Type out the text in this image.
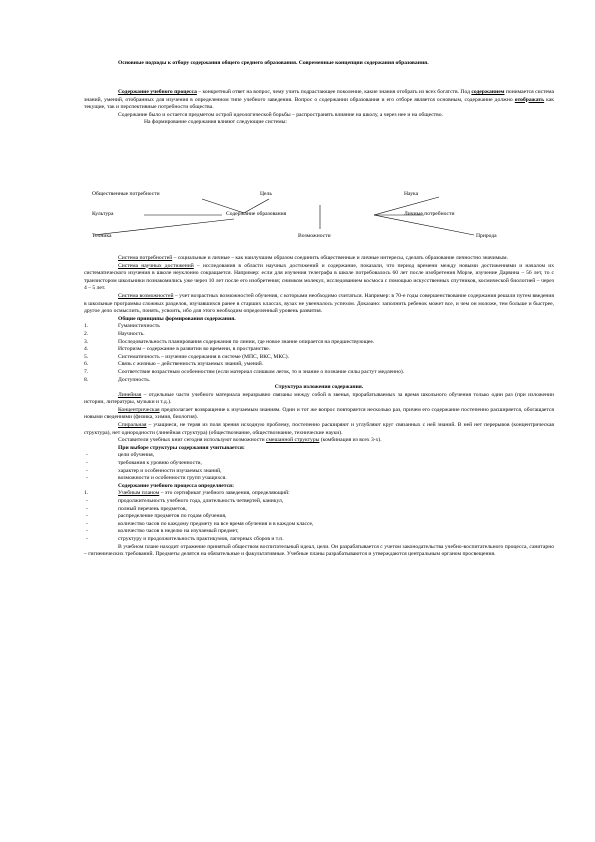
Основные подходы к отбору содержания общего среднего образования. Современные концепции содержания образования.
Содержание учебного процесса – конкретный ответ на вопрос, чему учить подрастающее поколение, какие знания отобрать из всех богатств. Под содержанием понимается система знаний, умений, отобранных для изучения в определенном типе учебного заведения. Вопрос о содержании образования и его отборе является основным, содержание должно отображать как текущие, так и перспективные потребности общества.
Содержание было и остается предметом острой идеологической борьбы – распространять влияние на школу, а через нее и на общество.
На формирование содержания влияют следующие системы:
Общественные потребности	Цель	Наука
Культура	Содержание образования	Личные потребности
Техника	Возможности	Природа
Система потребностей – социальные и личные – как наилучшим образом соединить общественные и личные интересы, сделать образование личностно значимым.
Система научных достижений – исследования в области научных достижений и содержание, показали, что период времени между новыми достижениями и началом их систематического изучения в школе неуклонно сокращается. Например: если для изучения телеграфа в школе потребовалось 60 лет после изобретения Морзе, изучение Дарвина – 56 лет, то с транзистором школьники познакомились уже через 10 лет после его изобретения; снимком молекул, исследованием космоса с помощью искусственных спутников, космической биологией – через 4 – 5 лет.
Система возможностей – учет возрастных возможностей обучения, с которыми необходимо считаться. Например: в 70-е годы совершенствование содержания решали путем введения в школьные программы сложных разделов, изучавшихся ранее в старших классах, вузах не увенчалось успехом. Доказано: заполнить ребенок может все, и чем он моложе, тем больше и быстрее, другое дело осмыслить, понять, усвоить, ибо для этого необходим определенный уровень развития.
Общие принципы формирования содержания.
1.	Гуманистичность
2.	Научность.
3.	Последовательность планирования содержания по линии, где новое знание опирается на предшествующее.
4.	Историзм – содержание в развитии во времени, в пространстве.
5.	Систематичность – изучение содержания в системе (МПС, ВКС, МКС).
6.	Связь с жизнью – действенность изучаемых знаний, умений.
7.	Соответствие возрастным особенностям (если материал слишком легок, то и знание о познание силы растут медленно).
8.	Доступность.
Структура изложения содержания.
Линейная – отдельные части учебного материала неразрывно связаны между собой в звенья, прорабатываемых за время школьного обучения только один раз (при изложении истории, литературы, музыки и т.д.).
Концентрическая предполагает возвращение к изучаемым знаниям. Один и тот же вопрос повторяется несколько раз, причем его содержание постепенно расширяется, обогащается новыми сведениями (физика, химия, биология).
Спиральная – учащиеся, не теряя из поля зрения исходную проблему, постепенно расширяют и углубляют круг связанных с ней знаний. В ней нет перерывов (концентрическая структура), нет однородности (линейная структура) (обществознание, обществознание, технические науки).
Составители учебных книг сегодня используют возможности смешанной структуры (комбинация из всех 3-х).
При выборе структуры содержания учитывается:
- цели обучения,
- требования к уровню обученности,
- характер и особенности изучаемых знаний,
- возможности и особенности групп учащихся.
Содержание учебного процесса определяется:
1.	Учебным планом – это сертификат учебного заведения, определяющий:
- продолжительность учебного года, длительность четвертей, каникул,
- полный перечень предметов,
- распределение предметов по годам обучения,
- количество часов по каждому предмету на все время обучения и в каждом классе,
- количество часов в неделю на изучаемый предмет,
- структуру и продолжительность практикумов, лагерных сборов и т.п.
В учебном плане находит отражение принятый обществом воспитательный идеал, цели. Он разрабатывается с учетом законодательства учебно-воспитательного процесса, санитарно – гигиенических требований. Предметы делятся на обязательные и факультативные. Учебные планы разрабатываются и утверждаются центральным органом просвещения.
